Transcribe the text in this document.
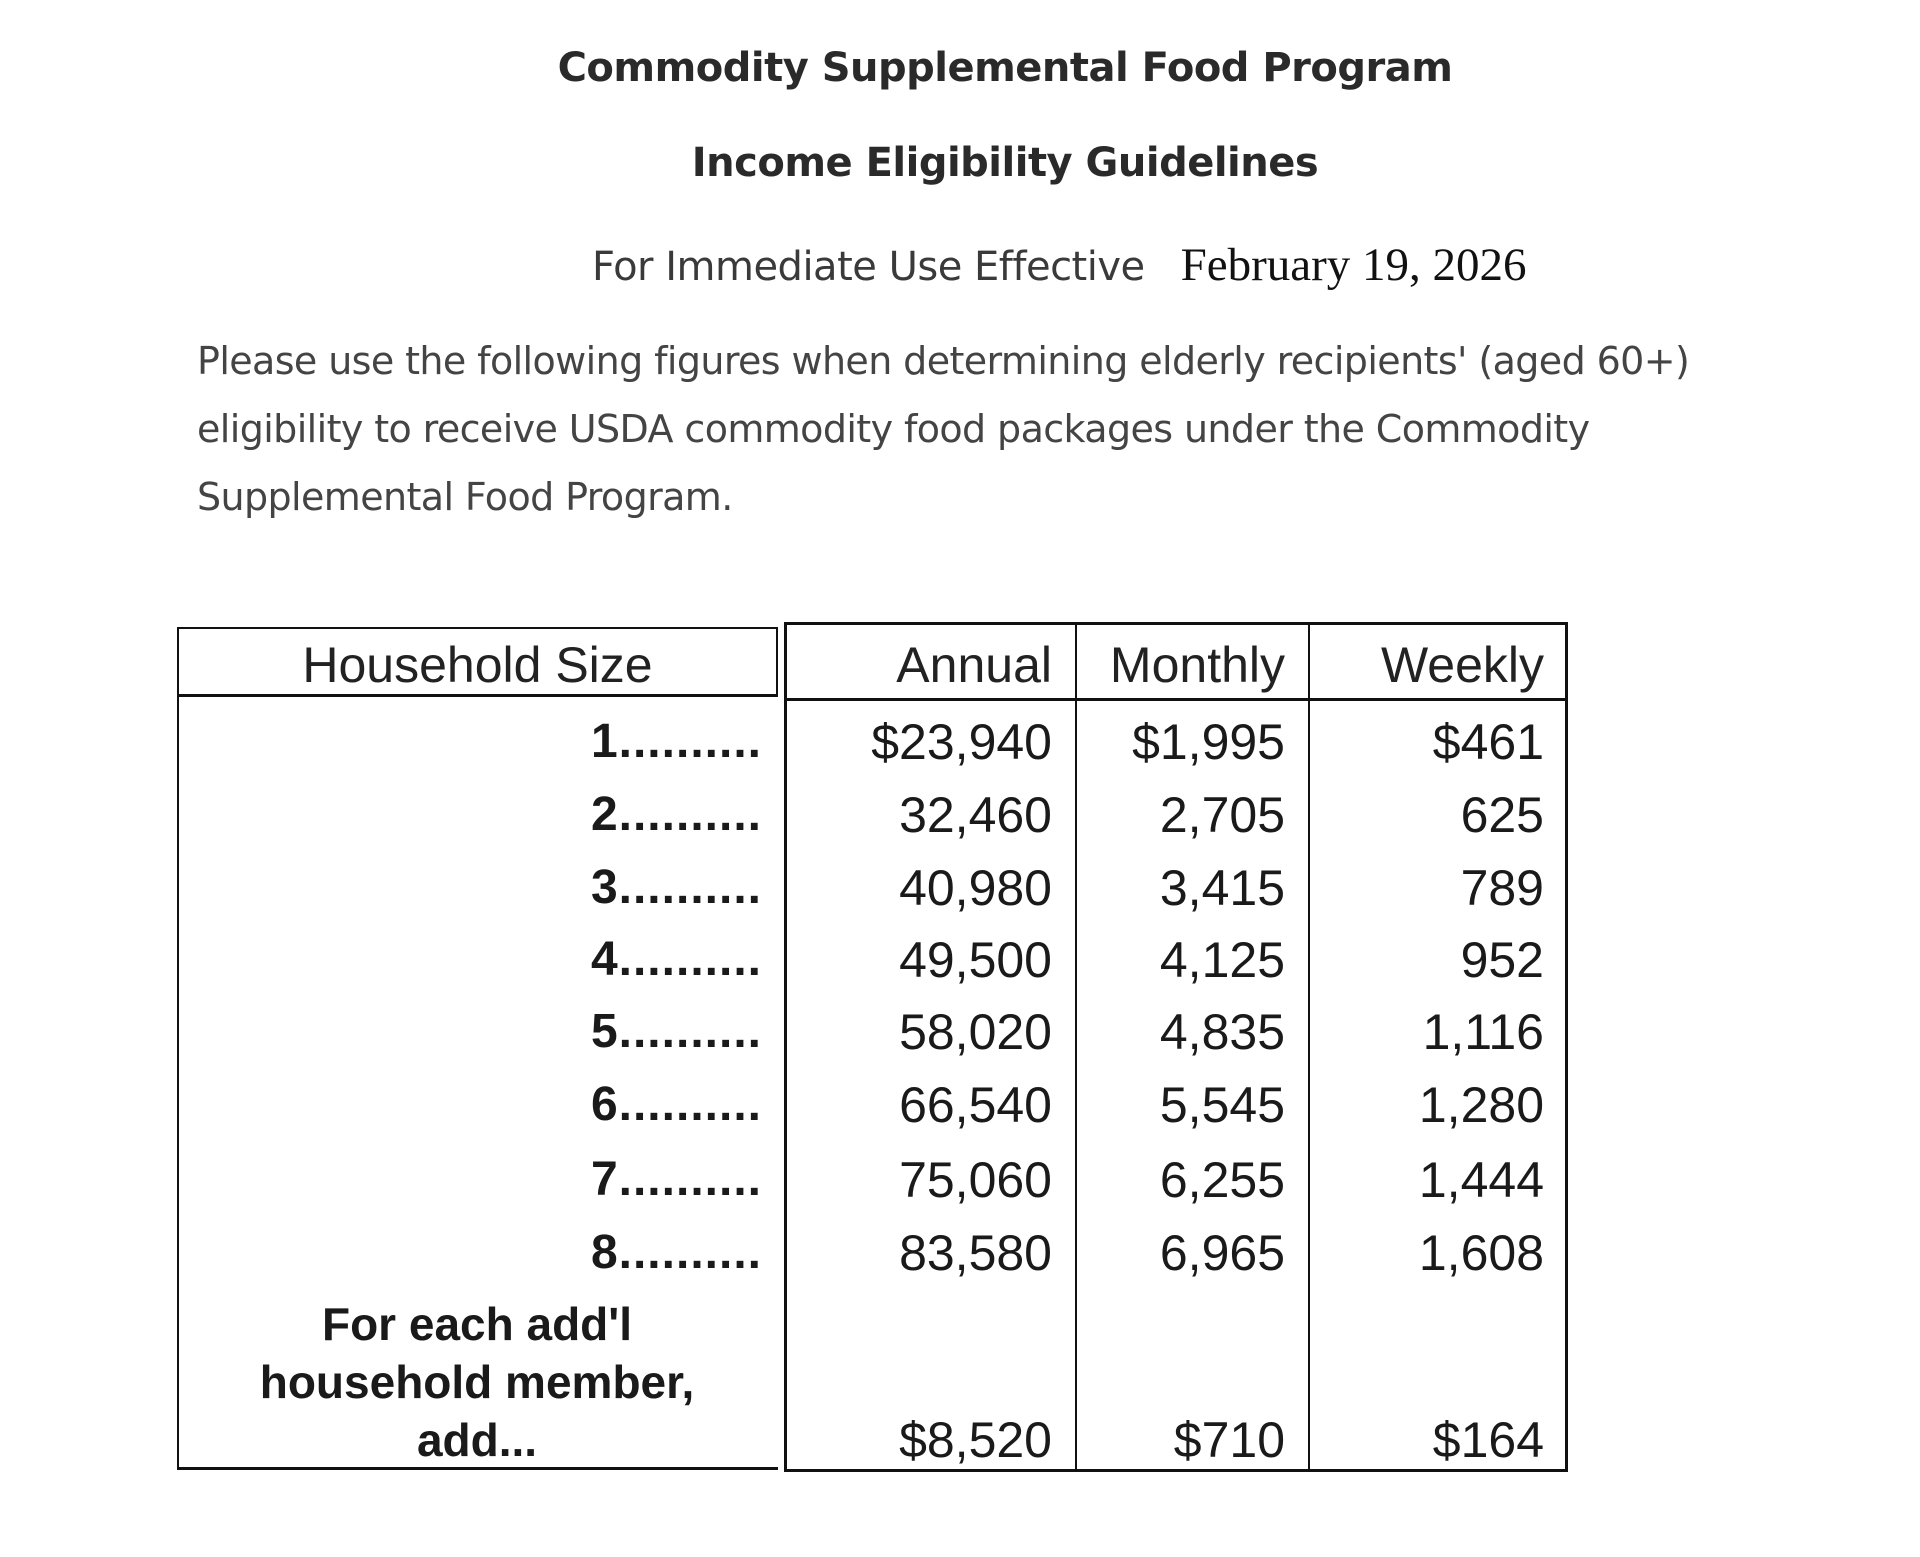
Commodity Supplemental Food Program
Income Eligibility Guidelines
For Immediate Use Effective February 19, 2026

Please use the following figures when determining elderly recipients' (aged 60+)
eligibility to receive USDA commodity food packages under the Commodity
Supplemental Food Program.

Household Size	Annual	Monthly	Weekly
1..........	$23,940	$1,995	$461
2..........	32,460	2,705	625
3..........	40,980	3,415	789
4..........	49,500	4,125	952
5..........	58,020	4,835	1,116
6..........	66,540	5,545	1,280
7..........	75,060	6,255	1,444
8..........	83,580	6,965	1,608
For each add'l
household member,
add...	$8,520	$710	$164
